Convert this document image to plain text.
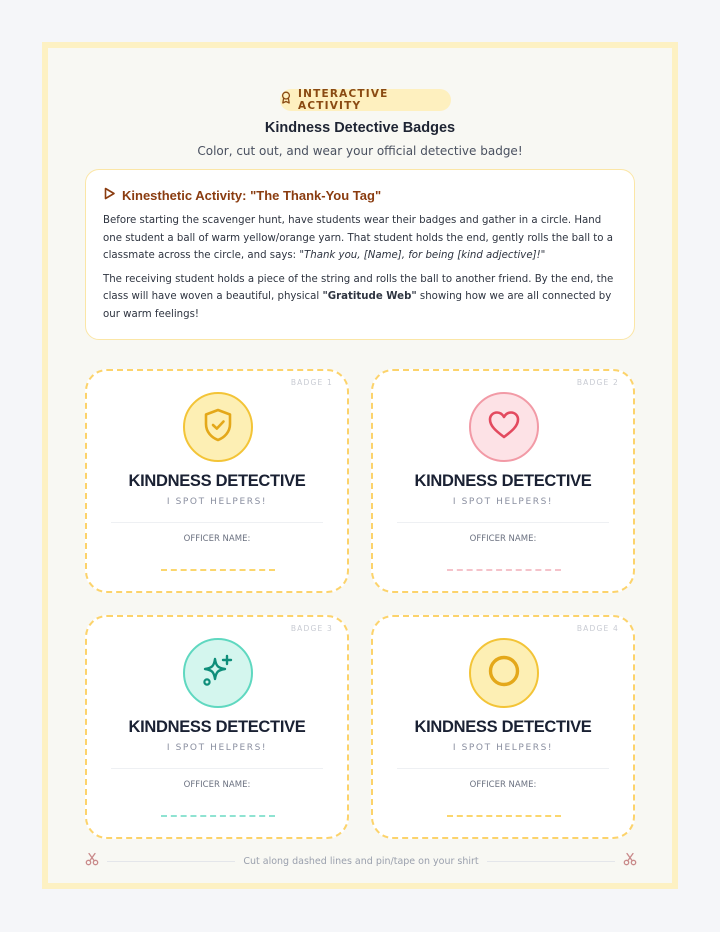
INTERACTIVE ACTIVITY
Kindness Detective Badges
Color, cut out, and wear your official detective badge!
Kinesthetic Activity: "The Thank-You Tag"

Before starting the scavenger hunt, have students wear their badges and gather in a circle. Hand one student a ball of warm yellow/orange yarn. That student holds the end, gently rolls the ball to a classmate across the circle, and says: "Thank you, [Name], for being [kind adjective]!"

The receiving student holds a piece of the string and rolls the ball to another friend. By the end, the class will have woven a beautiful, physical "Gratitude Web" showing how we are all connected by our warm feelings!

BADGE 1
KINDNESS DETECTIVE
I SPOT HELPERS!
OFFICER NAME:
BADGE 2
KINDNESS DETECTIVE
I SPOT HELPERS!
OFFICER NAME:
BADGE 3
KINDNESS DETECTIVE
I SPOT HELPERS!
OFFICER NAME:
BADGE 4
KINDNESS DETECTIVE
I SPOT HELPERS!
OFFICER NAME:
Cut along dashed lines and pin/tape on your shirt
